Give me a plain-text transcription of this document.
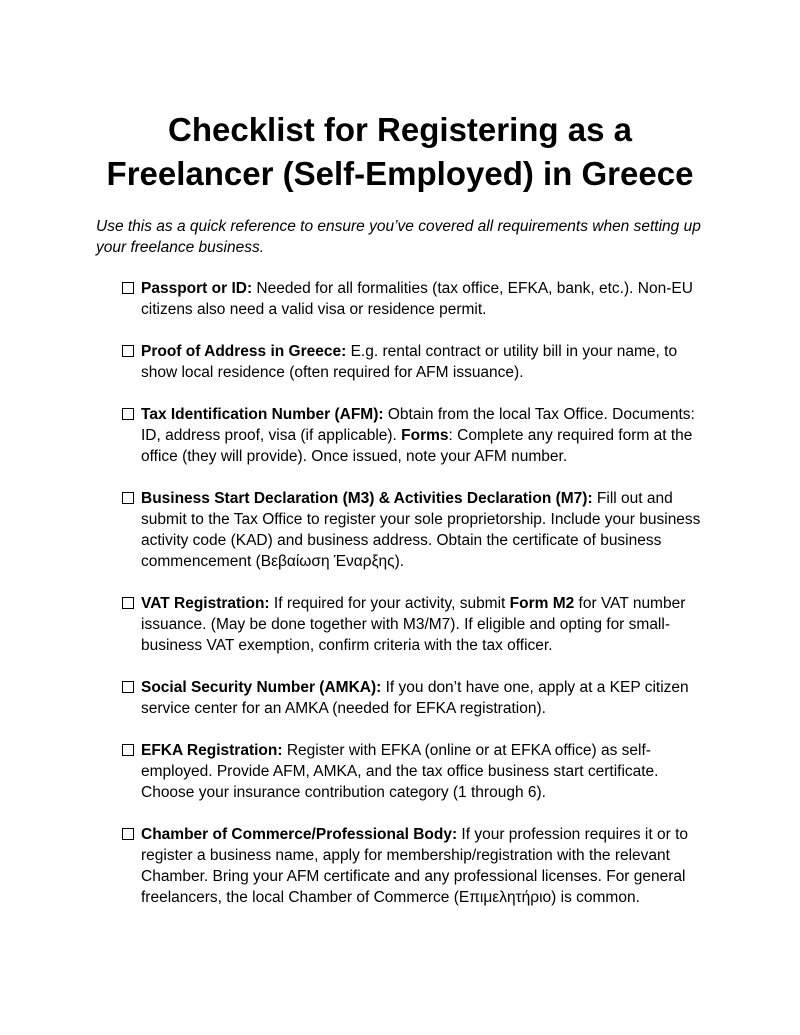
Checklist for Registering as a
Freelancer (Self-Employed) in Greece

Use this as a quick reference to ensure you’ve covered all requirements when setting up your freelance business.

Passport or ID: Needed for all formalities (tax office, EFKA, bank, etc.). Non-EU citizens also need a valid visa or residence permit.
Proof of Address in Greece: E.g. rental contract or utility bill in your name, to show local residence (often required for AFM issuance).
Tax Identification Number (AFM): Obtain from the local Tax Office. Documents: ID, address proof, visa (if applicable). Forms: Complete any required form at the office (they will provide). Once issued, note your AFM number.
Business Start Declaration (M3) & Activities Declaration (M7): Fill out and submit to the Tax Office to register your sole proprietorship. Include your business activity code (KAD) and business address. Obtain the certificate of business commencement (Βεβαίωση Έναρξης).
VAT Registration: If required for your activity, submit Form M2 for VAT number issuance. (May be done together with M3/M7). If eligible and opting for small-business VAT exemption, confirm criteria with the tax officer.
Social Security Number (AMKA): If you don’t have one, apply at a KEP citizen service center for an AMKA (needed for EFKA registration).
EFKA Registration: Register with EFKA (online or at EFKA office) as self-employed. Provide AFM, AMKA, and the tax office business start certificate. Choose your insurance contribution category (1 through 6).
Chamber of Commerce/Professional Body: If your profession requires it or to register a business name, apply for membership/registration with the relevant Chamber. Bring your AFM certificate and any professional licenses. For general freelancers, the local Chamber of Commerce (Επιμελητήριο) is common.
